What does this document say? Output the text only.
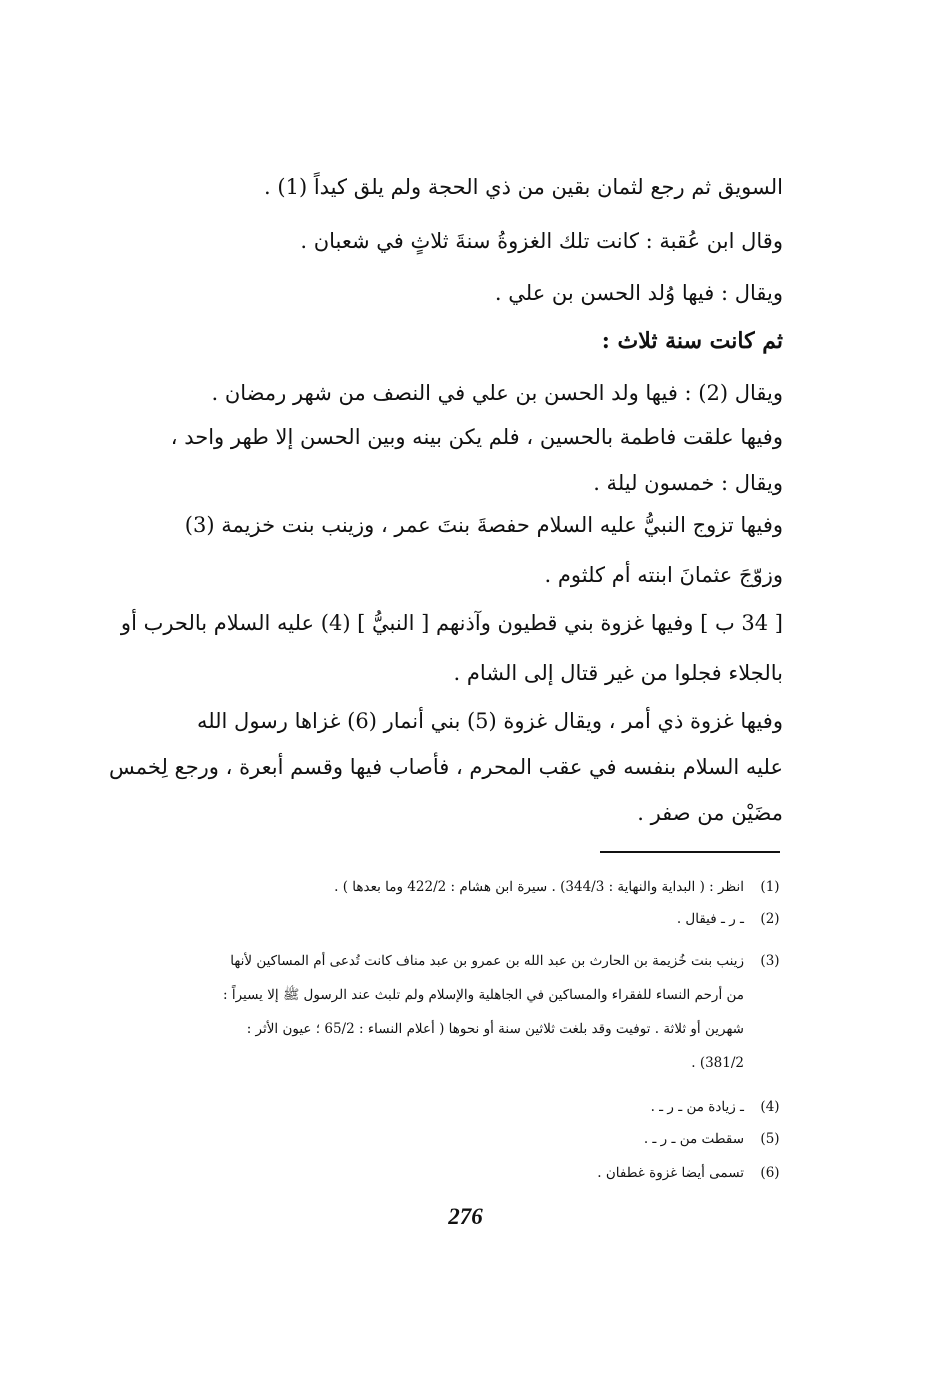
السويق ثم رجع لثمان بقين من ذي الحجة ولم يلق كيداً (1) .
وقال ابن عُقبة : كانت تلك الغزوةُ سنةَ ثلاثٍ في شعبان .
ويقال : فيها وُلد الحسن بن علي .
ثم كانت سنة ثلاث :
ويقال (2) : فيها ولد الحسن بن علي في النصف من شهر رمضان .
وفيها علقت فاطمة بالحسين ، فلم يكن بينه وبين الحسن إلا طهر واحد ،
ويقال : خمسون ليلة .
وفيها تزوج النبيُّ عليه السلام حفصةَ بنتَ عمر ، وزينب بنت خزيمة (3)
وزوّجَ عثمانَ ابنته أم كلثوم .
[ 34 ب ] وفيها غزوة بني قطيون وآذنهم [ النبيُّ ] (4) عليه السلام بالحرب أو
بالجلاء فجلوا من غير قتال إلى الشام .
وفيها غزوة ذي أمر ، ويقال غزوة (5) بني أنمار (6) غزاها رسول الله
عليه السلام بنفسه في عقب المحرم ، فأصاب فيها وقسم أبعرة ، ورجع لِخمس
مضَيْن من صفر .
(1)
انظر : ( البداية والنهاية : 344/3) . سيرة ابن هشام : 422/2 وما بعدها ) .
(2)
ـ ر ـ فيقال .
(3)
زينب بنت خُزيمة بن الحارث بن عبد الله بن عمرو بن عبد مناف كانت تُدعى أم المساكين لأنها
من أرحم النساء للفقراء والمساكين في الجاهلية والإسلام ولم تلبث عند الرسول ﷺ إلا يسيراً :
شهرين أو ثلاثة . توفيت وقد بلغت ثلاثين سنة أو نحوها ( أعلام النساء : 65/2 ؛ عيون الأثر :
381/2) .
(4)
ـ زيادة من ـ ر ـ .
(5)
سقطت من ـ ر ـ .
(6)
تسمى أيضا غزوة غطفان .
276
